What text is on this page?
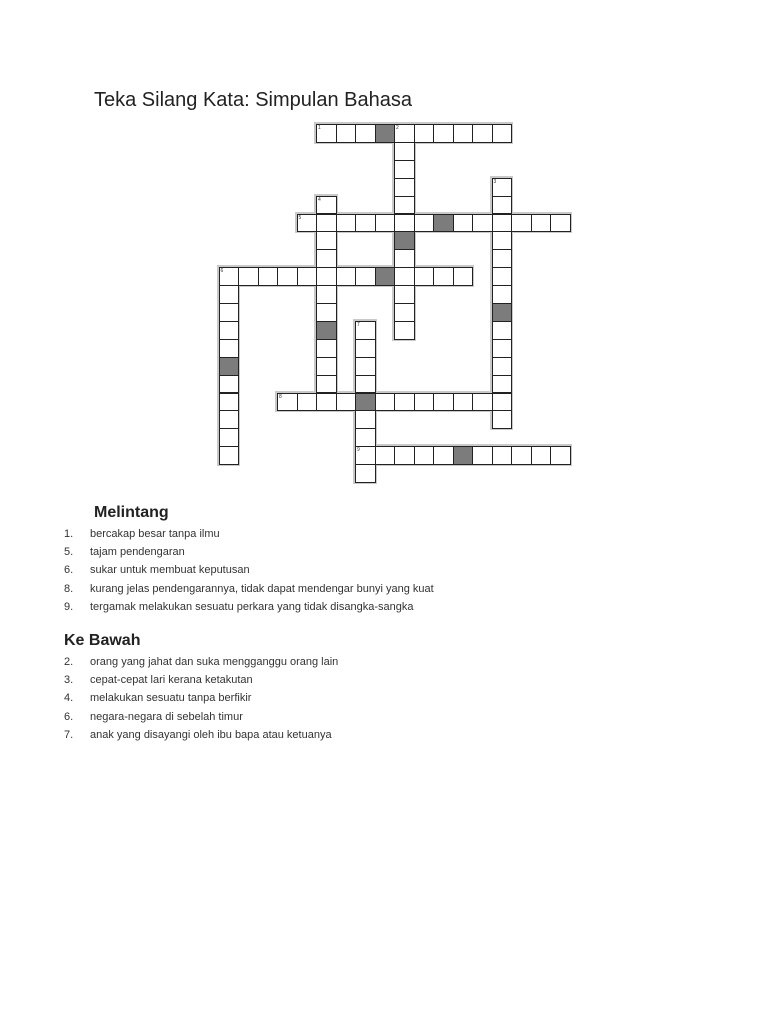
Teka Silang Kata: Simpulan Bahasa
1	2
3
4
5
6
7
9
8
Melintang
1. bercakap besar tanpa ilmu
5. tajam pendengaran
6. sukar untuk membuat keputusan
8. kurang jelas pendengarannya, tidak dapat mendengar bunyi yang kuat
9. tergamak melakukan sesuatu perkara yang tidak disangka-sangka
Ke Bawah
2. orang yang jahat dan suka mengganggu orang lain
3. cepat-cepat lari kerana ketakutan
4. melakukan sesuatu tanpa berfikir
6. negara-negara di sebelah timur
7. anak yang disayangi oleh ibu bapa atau ketuanya
